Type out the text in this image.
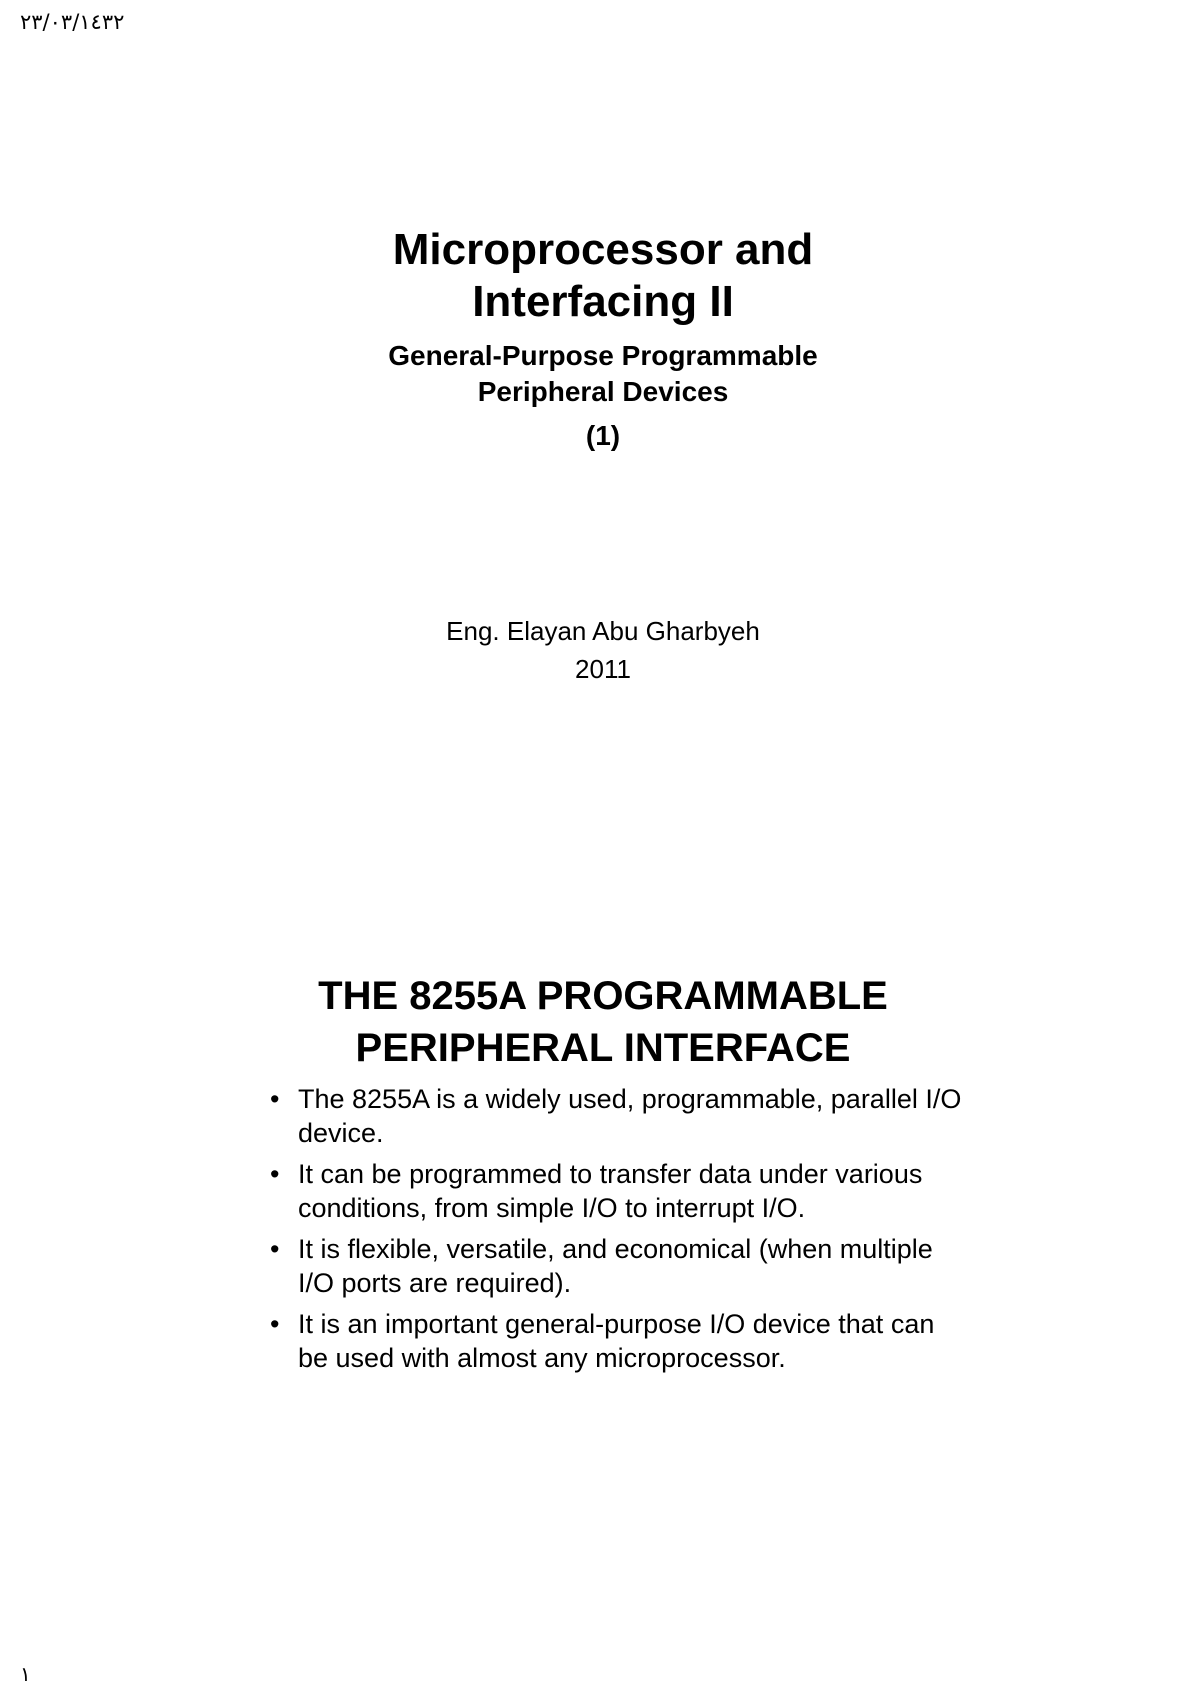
٢٣/٠٣/١٤٣٢
Microprocessor and
Interfacing II
General-Purpose Programmable
Peripheral Devices
(1)
Eng. Elayan Abu Gharbyeh
2011
THE 8255A PROGRAMMABLE
PERIPHERAL INTERFACE
• The 8255A is a widely used, programmable, parallel I/O device.
• It can be programmed to transfer data under various conditions, from simple I/O to interrupt I/O.
• It is flexible, versatile, and economical (when multiple I/O ports are required).
• It is an important general-purpose I/O device that can be used with almost any microprocessor.
١
